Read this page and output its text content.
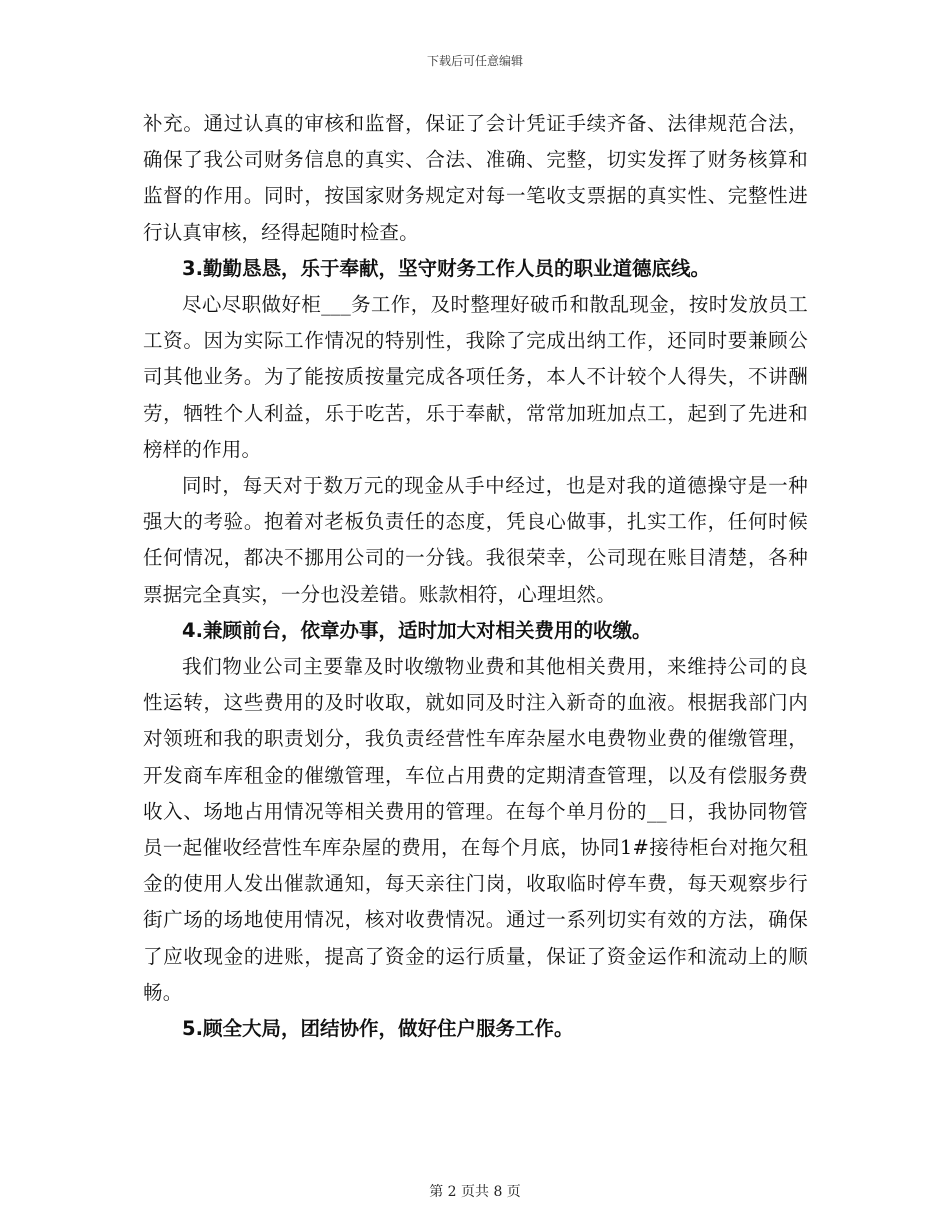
下载后可任意编辑

补充。通过认真的审核和监督，保证了会计凭证手续齐备、法律规范合法，确保了我公司财务信息的真实、合法、准确、完整，切实发挥了财务核算和监督的作用。同时，按国家财务规定对每一笔收支票据的真实性、完整性进行认真审核，经得起随时检查。

3.勤勤恳恳，乐于奉献，坚守财务工作人员的职业道德底线。

尽心尽职做好柜___务工作，及时整理好破币和散乱现金，按时发放员工工资。因为实际工作情况的特别性，我除了完成出纳工作，还同时要兼顾公司其他业务。为了能按质按量完成各项任务，本人不计较个人得失，不讲酬劳，牺牲个人利益，乐于吃苦，乐于奉献，常常加班加点工，起到了先进和榜样的作用。

同时，每天对于数万元的现金从手中经过，也是对我的道德操守是一种强大的考验。抱着对老板负责任的态度，凭良心做事，扎实工作，任何时候任何情况，都决不挪用公司的一分钱。我很荣幸，公司现在账目清楚，各种票据完全真实，一分也没差错。账款相符，心理坦然。

4.兼顾前台，依章办事，适时加大对相关费用的收缴。

我们物业公司主要靠及时收缴物业费和其他相关费用，来维持公司的良性运转，这些费用的及时收取，就如同及时注入新奇的血液。根据我部门内对领班和我的职责划分，我负责经营性车库杂屋水电费物业费的催缴管理，开发商车库租金的催缴管理，车位占用费的定期清查管理，以及有偿服务费收入、场地占用情况等相关费用的管理。在每个单月份的__日，我协同物管员一起催收经营性车库杂屋的费用，在每个月底，协同1#接待柜台对拖欠租金的使用人发出催款通知，每天亲往门岗，收取临时停车费，每天观察步行街广场的场地使用情况，核对收费情况。通过一系列切实有效的方法，确保了应收现金的进账，提高了资金的运行质量，保证了资金运作和流动上的顺畅。

5.顾全大局，团结协作，做好住户服务工作。

第 2 页共 8 页
